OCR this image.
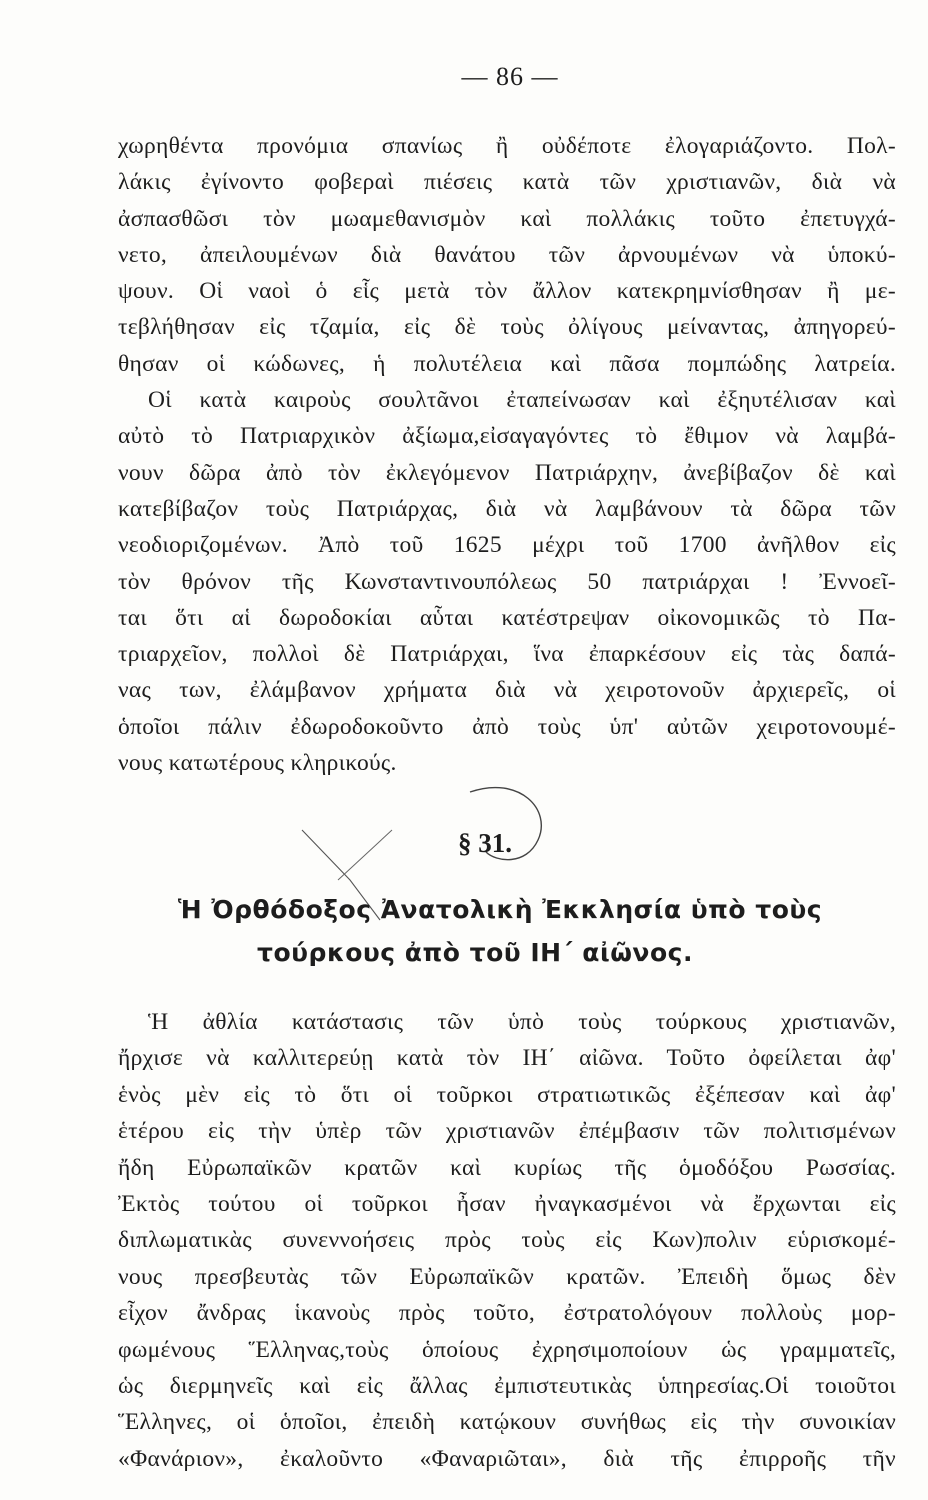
— 86 —
χωρηθέντα προνόμια σπανίως ἢ οὐδέποτε ἐλογαριάζοντο. Πολ-
λάκις ἐγίνοντο φοβεραὶ πιέσεις κατὰ τῶν χριστιανῶν, διὰ νὰ
ἀσπασθῶσι τὸν μωαμεθανισμὸν καὶ πολλάκις τοῦτο ἐπετυγχά-
νετο, ἀπειλουμένων διὰ θανάτου τῶν ἀρνουμένων νὰ ὑποκύ-
ψουν. Οἱ ναοὶ ὁ εἷς μετὰ τὸν ἄλλον κατεκρημνίσθησαν ἢ με-
τεβλήθησαν εἰς τζαμία, εἰς δὲ τοὺς ὀλίγους μείναντας, ἀπηγορεύ-
θησαν οἱ κώδωνες, ἡ πολυτέλεια καὶ πᾶσα πομπώδης λατρεία.
Οἱ κατὰ καιροὺς σουλτᾶνοι ἐταπείνωσαν καὶ ἐξηυτέλισαν καὶ
αὐτὸ τὸ Πατριαρχικὸν ἀξίωμα,εἰσαγαγόντες τὸ ἔθιμον νὰ λαμβά-
νουν δῶρα ἀπὸ τὸν ἐκλεγόμενον Πατριάρχην, ἀνεβίβαζον δὲ καὶ
κατεβίβαζον τοὺς Πατριάρχας, διὰ νὰ λαμβάνουν τὰ δῶρα τῶν
νεοδιοριζομένων. Ἀπὸ τοῦ 1625 μέχρι τοῦ 1700 ἀνῆλθον εἰς
τὸν θρόνον τῆς Κωνσταντινουπόλεως 50 πατριάρχαι ! Ἐννοεῖ-
ται ὅτι αἱ δωροδοκίαι αὗται κατέστρεψαν οἰκονομικῶς τὸ Πα-
τριαρχεῖον, πολλοὶ δὲ Πατριάρχαι, ἵνα ἐπαρκέσουν εἰς τὰς δαπά-
νας των, ἐλάμβανον χρήματα διὰ νὰ χειροτονοῦν ἀρχιερεῖς, οἱ
ὁποῖοι πάλιν ἐδωροδοκοῦντο ἀπὸ τοὺς ὑπ' αὐτῶν χειροτονουμέ-
νους κατωτέρους κληρικούς.
§ 31.
Ἡ Ὀρθόδοξος Ἀνατολικὴ Ἐκκλησία ὑπὸ τοὺς
τούρκους ἀπὸ τοῦ ΙΗ΄ αἰῶνος.
Ἡ ἀθλία κατάστασις τῶν ὑπὸ τοὺς τούρκους χριστιανῶν,
ἤρχισε νὰ καλλιτερεύῃ κατὰ τὸν ΙΗ΄ αἰῶνα. Τοῦτο ὀφείλεται ἀφ'
ἑνὸς μὲν εἰς τὸ ὅτι οἱ τοῦρκοι στρατιωτικῶς ἐξέπεσαν καὶ ἀφ'
ἑτέρου εἰς τὴν ὑπὲρ τῶν χριστιανῶν ἐπέμβασιν τῶν πολιτισμένων
ἤδη Εὐρωπαϊκῶν κρατῶν καὶ κυρίως τῆς ὁμοδόξου Ρωσσίας.
Ἐκτὸς τούτου οἱ τοῦρκοι ἦσαν ἠναγκασμένοι νὰ ἔρχωνται εἰς
διπλωματικὰς συνεννοήσεις πρὸς τοὺς εἰς Κων)πολιν εὑρισκομέ-
νους πρεσβευτὰς τῶν Εὐρωπαϊκῶν κρατῶν. Ἐπειδὴ ὅμως δὲν
εἶχον ἄνδρας ἱκανοὺς πρὸς τοῦτο, ἐστρατολόγουν πολλοὺς μορ-
φωμένους Ἕλληνας,τοὺς ὁποίους ἐχρησιμοποίουν ὡς γραμματεῖς,
ὡς διερμηνεῖς καὶ εἰς ἄλλας ἐμπιστευτικὰς ὑπηρεσίας.Οἱ τοιοῦτοι
Ἕλληνες, οἱ ὁποῖοι, ἐπειδὴ κατῴκουν συνήθως εἰς τὴν συνοικίαν
«Φανάριον», ἐκαλοῦντο «Φαναριῶται», διὰ τῆς ἐπιρροῆς τῆν
